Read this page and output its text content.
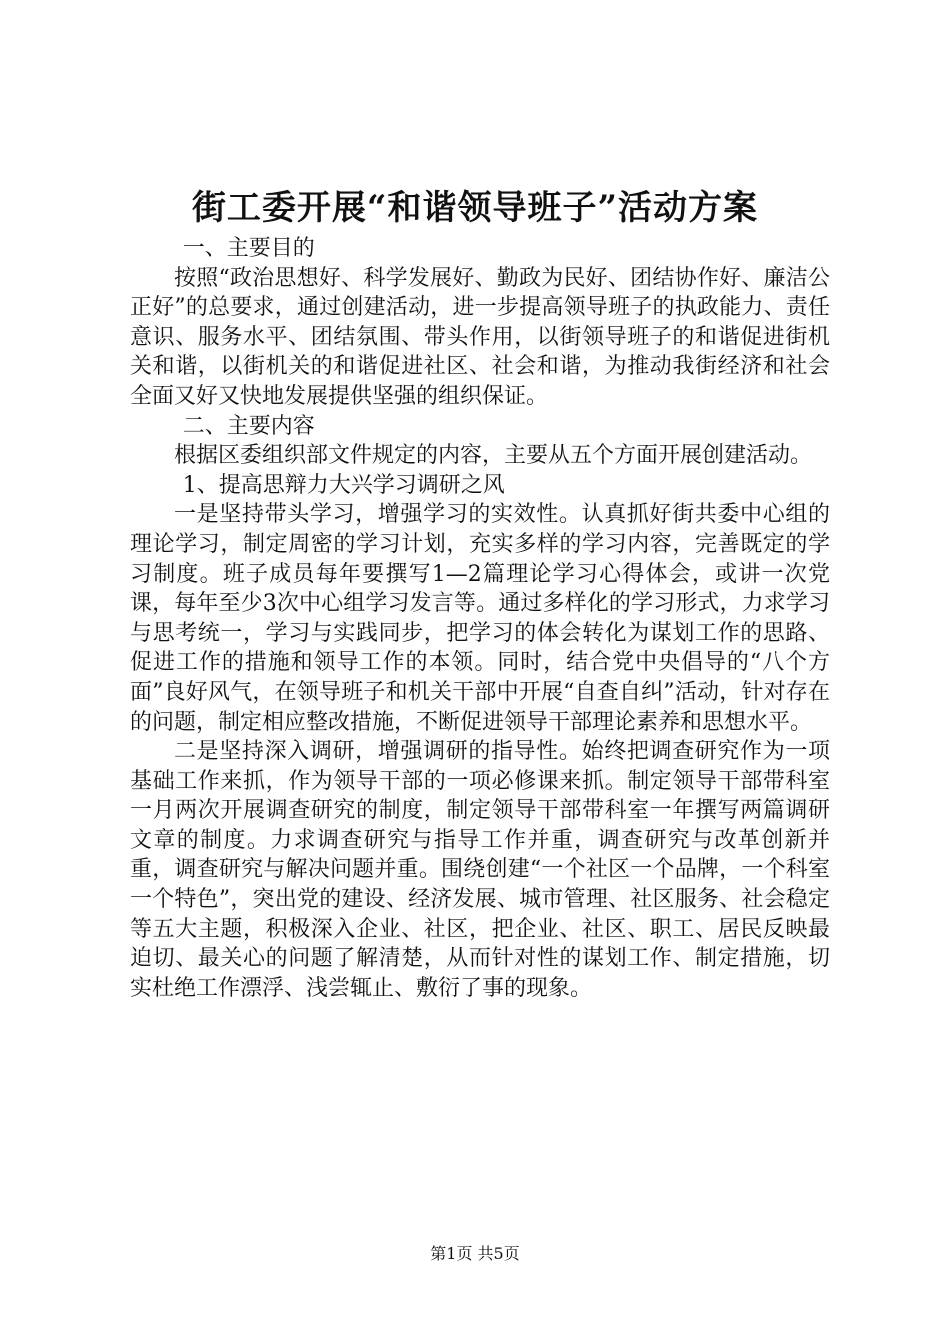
街工委开展“和谐领导班子”活动方案

一、主要目的

按照“政治思想好、科学发展好、勤政为民好、团结协作好、廉洁公正好”的总要求，通过创建活动，进一步提高领导班子的执政能力、责任意识、服务水平、团结氛围、带头作用，以街领导班子的和谐促进街机关和谐，以街机关的和谐促进社区、社会和谐，为推动我街经济和社会全面又好又快地发展提供坚强的组织保证。

二、主要内容

根据区委组织部文件规定的内容，主要从五个方面开展创建活动。

1、提高思辩力大兴学习调研之风

一是坚持带头学习，增强学习的实效性。认真抓好街共委中心组的理论学习，制定周密的学习计划，充实多样的学习内容，完善既定的学习制度。班子成员每年要撰写1—2篇理论学习心得体会，或讲一次党课，每年至少3次中心组学习发言等。通过多样化的学习形式，力求学习与思考统一，学习与实践同步，把学习的体会转化为谋划工作的思路、促进工作的措施和领导工作的本领。同时，结合党中央倡导的“八个方面”良好风气，在领导班子和机关干部中开展“自查自纠”活动，针对存在的问题，制定相应整改措施，不断促进领导干部理论素养和思想水平。

二是坚持深入调研，增强调研的指导性。始终把调查研究作为一项基础工作来抓，作为领导干部的一项必修课来抓。制定领导干部带科室一月两次开展调查研究的制度，制定领导干部带科室一年撰写两篇调研文章的制度。力求调查研究与指导工作并重，调查研究与改革创新并重，调查研究与解决问题并重。围绕创建“一个社区一个品牌，一个科室一个特色”，突出党的建设、经济发展、城市管理、社区服务、社会稳定等五大主题，积极深入企业、社区，把企业、社区、职工、居民反映最迫切、最关心的问题了解清楚，从而针对性的谋划工作、制定措施，切实杜绝工作漂浮、浅尝辄止、敷衍了事的现象。

第1页 共5页
